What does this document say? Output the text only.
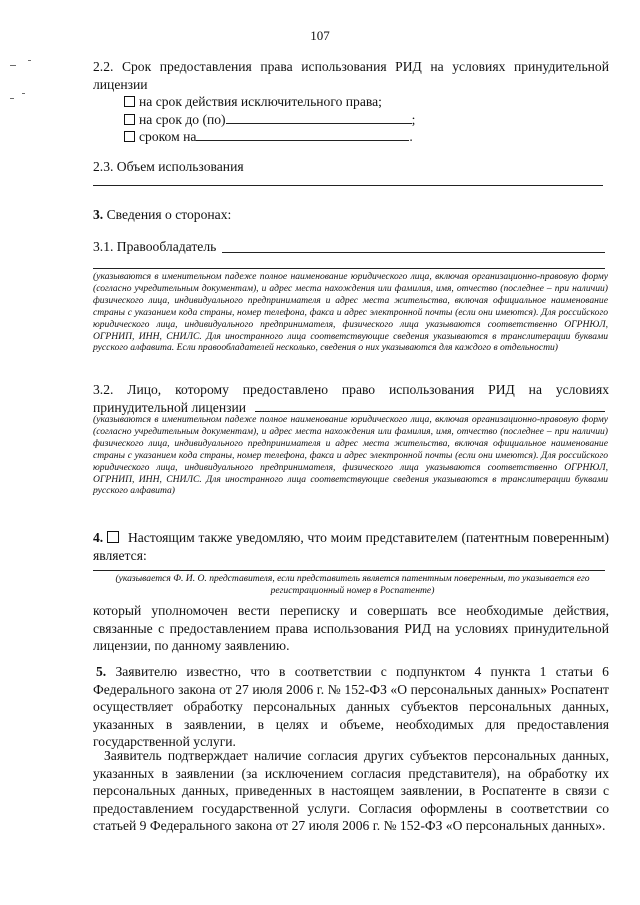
107
2.2. Срок предоставления права использования РИД на условиях принудительной лицензии
на срок действия исключительного права;
на срок до (по)	;
сроком на	.
2.3. Объем использования
3. Сведения о сторонах:
3.1. Правообладатель
(указываются в именительном падеже полное наименование юридического лица, включая организационно-правовую форму (согласно учредительным документам), и адрес места нахождения или фамилия, имя, отчество (последнее – при наличии) физического лица, индивидуального предпринимателя и адрес места жительства, включая официальное наименование страны с указанием кода страны, номер телефона, факса и адрес электронной почты (если они имеются). Для российского юридического лица, индивидуального предпринимателя, физического лица указываются соответственно ОГРНЮЛ, ОГРНИП, ИНН, СНИЛС. Для иностранного лица соответствующие сведения указываются в транслитерации буквами русского алфавита. Если правообладателей несколько, сведения о них указываются для каждого в отдельности)
3.2. Лицо, которому предоставлено право использования РИД на условиях принудительной лицензии
(указываются в именительном падеже полное наименование юридического лица, включая организационно-правовую форму (согласно учредительным документам), и адрес места нахождения или фамилия, имя, отчество (последнее – при наличии) физического лица, индивидуального предпринимателя и адрес места жительства, включая официальное наименование страны с указанием кода страны, номер телефона, факса и адрес электронной почты (если они имеются). Для российского юридического лица, индивидуального предпринимателя, физического лица указываются соответственно ОГРНЮЛ, ОГРНИП, ИНН, СНИЛС. Для иностранного лица соответствующие сведения указываются в транслитерации буквами русского алфавита)
4. Настоящим также уведомляю, что моим представителем (патентным поверенным) является:
(указывается Ф. И. О. представителя, если представитель является патентным поверенным, то указывается его регистрационный номер в Роспатенте)
который уполномочен вести переписку и совершать все необходимые действия, связанные с предоставлением права использования РИД на условиях принудительной лицензии, по данному заявлению.
5. Заявителю известно, что в соответствии с подпунктом 4 пункта 1 статьи 6 Федерального закона от 27 июля 2006 г. № 152-ФЗ «О персональных данных» Роспатент осуществляет обработку персональных данных субъектов персональных данных, указанных в заявлении, в целях и объеме, необходимых для предоставления государственной услуги.
Заявитель подтверждает наличие согласия других субъектов персональных данных, указанных в заявлении (за исключением согласия представителя), на обработку их персональных данных, приведенных в настоящем заявлении, в Роспатенте в связи с предоставлением государственной услуги. Согласия оформлены в соответствии со статьей 9 Федерального закона от 27 июля 2006 г. № 152-ФЗ «О персональных данных».
